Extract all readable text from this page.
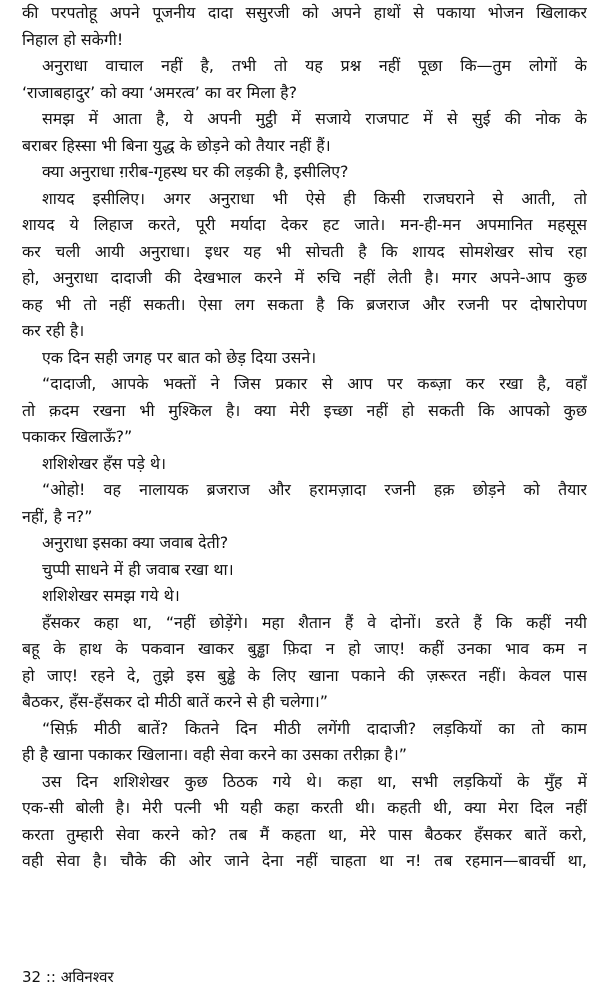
की परपतोहू अपने पूजनीय दादा ससुरजी को अपने हाथों से पकाया भोजन खिलाकर
निहाल हो सकेगी!
अनुराधा वाचाल नहीं है, तभी तो यह प्रश्न नहीं पूछा कि—तुम लोगों के
‘राजाबहादुर’ को क्या ‘अमरत्व’ का वर मिला है?
समझ में आता है, ये अपनी मुट्ठी में सजाये राजपाट में से सुई की नोक के
बराबर हिस्सा भी बिना युद्ध के छोड़ने को तैयार नहीं हैं।
क्या अनुराधा ग़रीब-गृहस्थ घर की लड़की है, इसीलिए?
शायद इसीलिए। अगर अनुराधा भी ऐसे ही किसी राजघराने से आती, तो
शायद ये लिहाज करते, पूरी मर्यादा देकर हट जाते। मन-ही-मन अपमानित महसूस
कर चली आयी अनुराधा। इधर यह भी सोचती है कि शायद सोमशेखर सोच रहा
हो, अनुराधा दादाजी की देखभाल करने में रुचि नहीं लेती है। मगर अपने-आप कुछ
कह भी तो नहीं सकती। ऐसा लग सकता है कि ब्रजराज और रजनी पर दोषारोपण
कर रही है।
एक दिन सही जगह पर बात को छेड़ दिया उसने।
“दादाजी, आपके भक्तों ने जिस प्रकार से आप पर कब्ज़ा कर रखा है, वहाँ
तो क़दम रखना भी मुश्किल है। क्या मेरी इच्छा नहीं हो सकती कि आपको कुछ
पकाकर खिलाऊँ?”
शशिशेखर हँस पड़े थे।
“ओहो! वह नालायक ब्रजराज और हरामज़ादा रजनी हक़ छोड़ने को तैयार
नहीं, है न?”
अनुराधा इसका क्या जवाब देती?
चुप्पी साधने में ही जवाब रखा था।
शशिशेखर समझ गये थे।
हँसकर कहा था, “नहीं छोड़ेंगे। महा शैतान हैं वे दोनों। डरते हैं कि कहीं नयी
बहू के हाथ के पकवान खाकर बुड्ढा फ़िदा न हो जाए! कहीं उनका भाव कम न
हो जाए! रहने दे, तुझे इस बुड्ढे के लिए खाना पकाने की ज़रूरत नहीं। केवल पास
बैठकर, हँस-हँसकर दो मीठी बातें करने से ही चलेगा।”
“सिर्फ़ मीठी बातें? कितने दिन मीठी लगेंगी दादाजी? लड़कियों का तो काम
ही है खाना पकाकर खिलाना। वही सेवा करने का उसका तरीक़ा है।”
उस दिन शशिशेखर कुछ ठिठक गये थे। कहा था, सभी लड़कियों के मुँह में
एक-सी बोली है। मेरी पत्नी भी यही कहा करती थी। कहती थी, क्या मेरा दिल नहीं
करता तुम्हारी सेवा करने को? तब मैं कहता था, मेरे पास बैठकर हँसकर बातें करो,
वही सेवा है। चौके की ओर जाने देना नहीं चाहता था न! तब रहमान—बावर्ची था,
32 :: अविनश्वर
